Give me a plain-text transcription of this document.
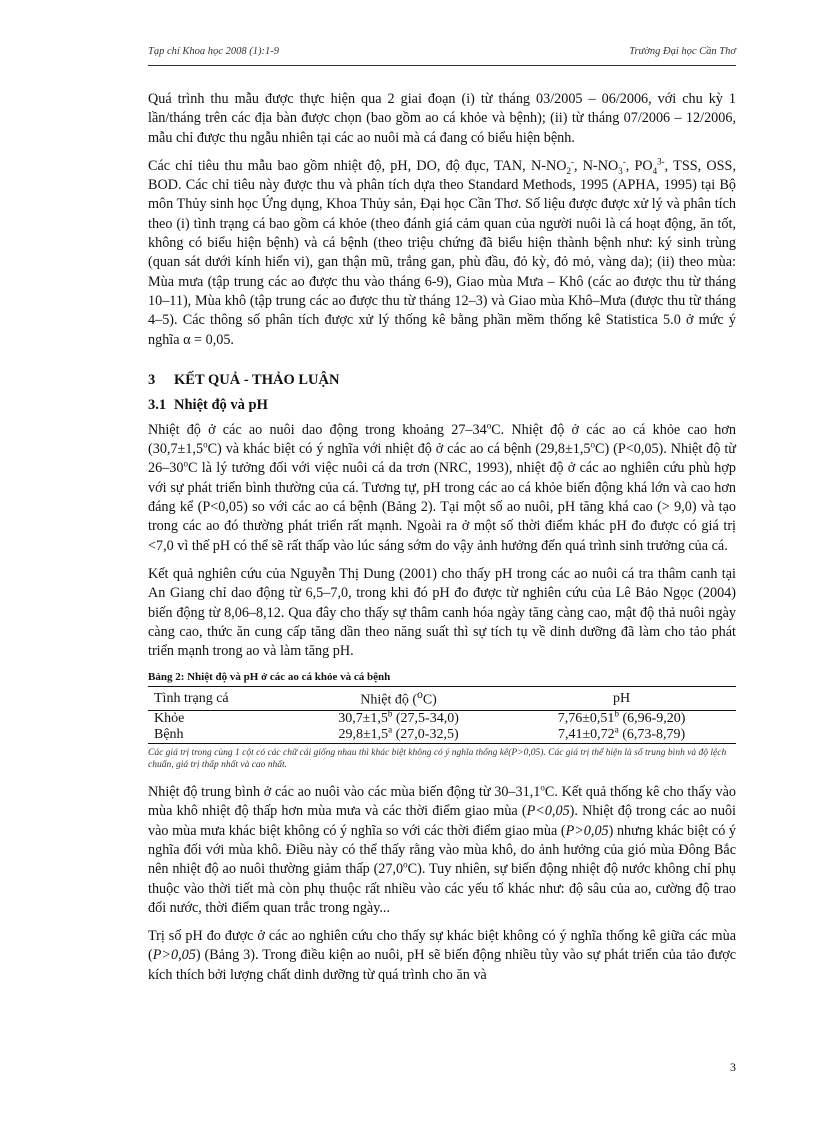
Tạp chí Khoa học 2008 (1):1-9	Trường Đại học Cần Thơ

Quá trình thu mẫu được thực hiện qua 2 giai đoạn (i) từ tháng 03/2005 – 06/2006, với chu kỳ 1 lần/tháng trên các địa bàn được chọn (bao gồm ao cá khỏe và bệnh); (ii) từ tháng 07/2006 – 12/2006, mẫu chỉ được thu ngẫu nhiên tại các ao nuôi mà cá đang có biểu hiện bệnh.

Các chỉ tiêu thu mẫu bao gồm nhiệt độ, pH, DO, độ đục, TAN, $N-NO_2^-$, $N-NO_3^-$, $PO_4^{3-}$, TSS, OSS, BOD. Các chỉ tiêu này được thu và phân tích dựa theo Standard Methods, 1995 (APHA, 1995) tại Bộ môn Thủy sinh học Ứng dụng, Khoa Thủy sản, Đại học Cần Thơ. Số liệu được được xử lý và phân tích theo (i) tình trạng cá bao gồm cá khỏe (theo đánh giá cảm quan của người nuôi là cá hoạt động, ăn tốt, không có biểu hiện bệnh) và cá bệnh (theo triệu chứng đã biểu hiện thành bệnh như: ký sinh trùng (quan sát dưới kính hiển vi), gan thận mũ, trắng gan, phù đầu, đỏ kỳ, đỏ mỏ, vàng da); (ii) theo mùa: Mùa mưa (tập trung các ao được thu vào tháng 6-9), Giao mùa Mưa – Khô (các ao được thu từ tháng 10–11), Mùa khô (tập trung các ao được thu từ tháng 12–3) và Giao mùa Khô–Mưa (được thu từ tháng 4–5). Các thông số phân tích được xử lý thống kê bằng phần mềm thống kê Statistica 5.0 ở mức ý nghĩa α = 0,05.

3 KẾT QUẢ - THẢO LUẬN
3.1 Nhiệt độ và pH

Nhiệt độ ở các ao nuôi dao động trong khoảng 27–34$^o$C. Nhiệt độ ở các ao cá khỏe cao hơn $(30,7\pm 1,5^oC)$ và khác biệt có ý nghĩa với nhiệt độ ở các ao cá bệnh $(29,8\pm 1,5^oC)$ (P<0,05). Nhiệt độ từ 26–30$^o$C là lý tưởng đối với việc nuôi cá da trơn (NRC, 1993), nhiệt độ ở các ao nghiên cứu phù hợp với sự phát triển bình thường của cá. Tương tự, pH trong các ao cá khỏe biến động khá lớn và cao hơn đáng kể (P<0,05) so với các ao cá bệnh (Bảng 2). Tại một số ao nuôi, pH tăng khá cao (> 9,0) và tạo trong các ao đó thường phát triển rất mạnh. Ngoài ra ở một số thời điểm khác pH đo được có giá trị <7,0 vì thế pH có thể sẽ rất thấp vào lúc sáng sớm do vậy ảnh hưởng đến quá trình sinh trưởng của cá.

Kết quả nghiên cứu của Nguyễn Thị Dung (2001) cho thấy pH trong các ao nuôi cá tra thâm canh tại An Giang chỉ dao động từ 6,5–7,0, trong khi đó pH đo được từ nghiên cứu của Lê Bảo Ngọc (2004) biến động từ 8,06–8,12. Qua đây cho thấy sự thâm canh hóa ngày tăng càng cao, mật độ thả nuôi ngày càng cao, thức ăn cung cấp tăng dần theo năng suất thì sự tích tụ về dinh dưỡng đã làm cho tảo phát triển mạnh trong ao và làm tăng pH.

Bảng 2: Nhiệt độ và pH ở các ao cá khỏe và cá bệnh
Tình trạng cá	Nhiệt độ ($^o$C)	pH
Khỏe	30,7±1,5$^b$ (27,5-34,0)	7,76±0,51$^b$ (6,96-9,20)
Bệnh	29,8±1,5$^a$ (27,0-32,5)	7,41±0,72$^a$ (6,73-8,79)
Các giá trị trong cùng 1 cột có các chữ cái giống nhau thì khác biệt không có ý nghĩa thống kê(P>0,05). Các giá trị thể hiện là số trung bình và độ lệch chuẩn, giá trị thấp nhất và cao nhất.

Nhiệt độ trung bình ở các ao nuôi vào các mùa biến động từ 30–31,1$^o$C. Kết quả thống kê cho thấy vào mùa khô nhiệt độ thấp hơn mùa mưa và các thời điểm giao mùa (P<0,05). Nhiệt độ trong các ao nuôi vào mùa mưa khác biệt không có ý nghĩa so với các thời điểm giao mùa (P>0,05) nhưng khác biệt có ý nghĩa đối với mùa khô. Điều này có thể thấy rằng vào mùa khô, do ảnh hưởng của gió mùa Đông Bắc nên nhiệt độ ao nuôi thường giảm thấp (27,0$^o$C). Tuy nhiên, sự biến động nhiệt độ nước không chỉ phụ thuộc vào thời tiết mà còn phụ thuộc rất nhiều vào các yếu tố khác như: độ sâu của ao, cường độ trao đổi nước, thời điểm quan trắc trong ngày...

Trị số pH đo được ở các ao nghiên cứu cho thấy sự khác biệt không có ý nghĩa thống kê giữa các mùa (P>0,05) (Bảng 3). Trong điều kiện ao nuôi, pH sẽ biến động nhiều tùy vào sự phát triển của tảo được kích thích bởi lượng chất dinh dưỡng từ quá trình cho ăn và

3
